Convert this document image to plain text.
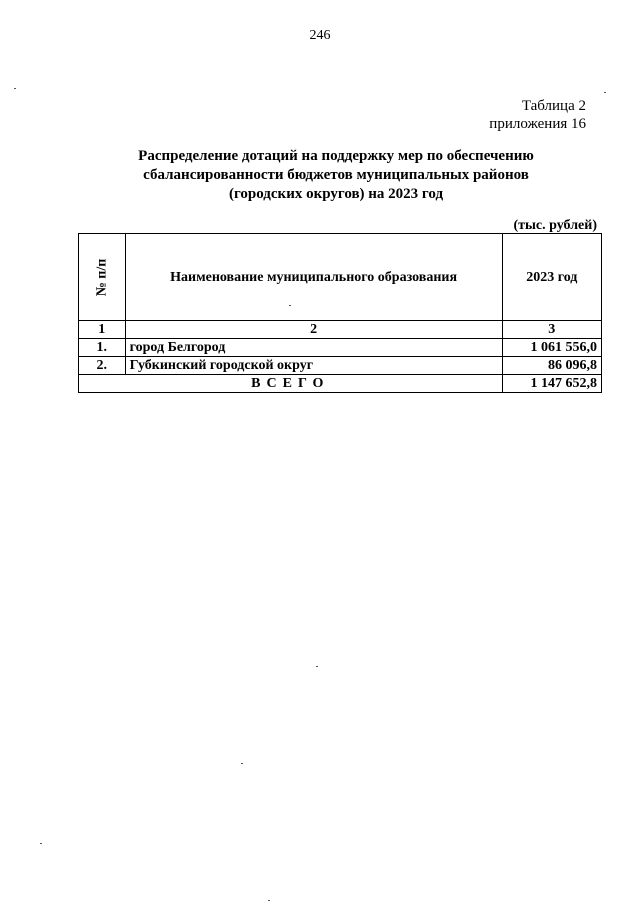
246
Таблица 2
приложения 16
Распределение дотаций на поддержку мер по обеспечению
сбалансированности бюджетов муниципальных районов
(городских округов) на 2023 год
(тыс. рублей)
№ п/п	Наименование муниципального образования	2023 год
1	2	3
1.	город Белгород	1 061 556,0
2.	Губкинский городской округ	86 096,8
ВСЕГО		1 147 652,8
